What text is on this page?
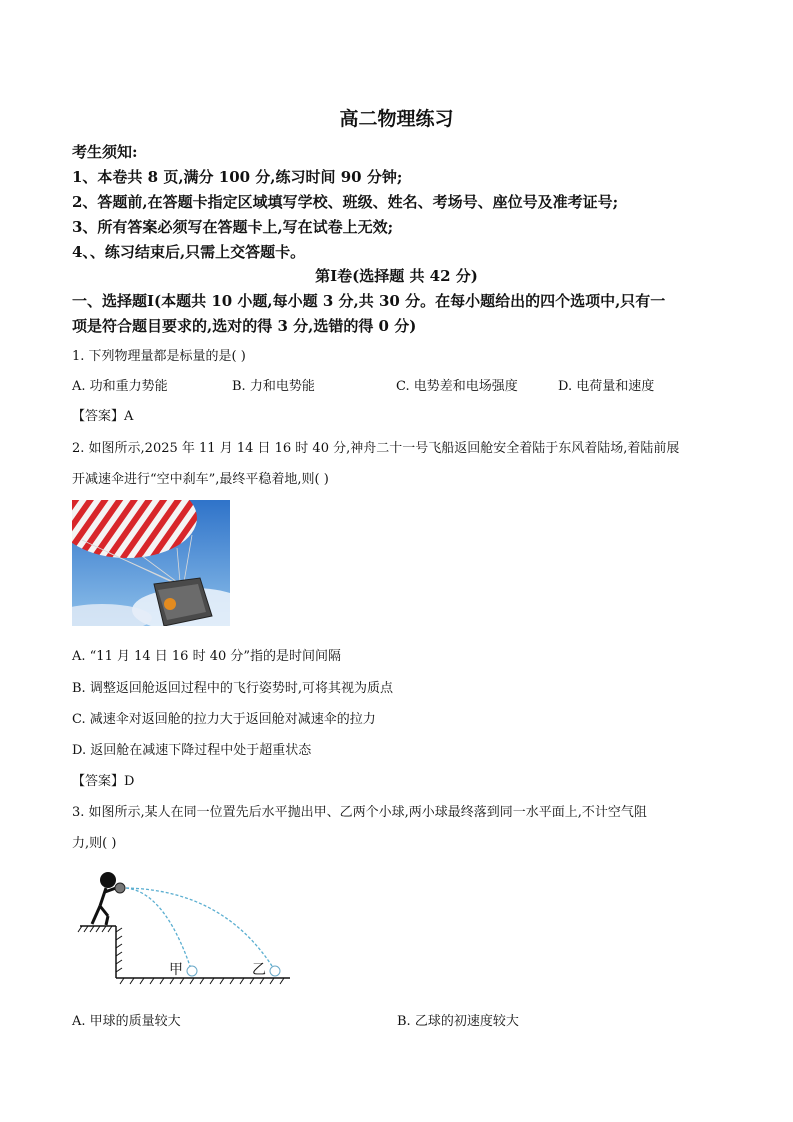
高二物理练习
考生须知:
1、本卷共 8 页,满分 100 分,练习时间 90 分钟;
2、答题前,在答题卡指定区域填写学校、班级、姓名、考场号、座位号及准考证号;
3、所有答案必须写在答题卡上,写在试卷上无效;
4、、练习结束后,只需上交答题卡。
第Ⅰ卷(选择题 共 42 分)
一、选择题Ⅰ(本题共 10 小题,每小题 3 分,共 30 分。在每小题给出的四个选项中,只有一
项是符合题目要求的,选对的得 3 分,选错的得 0 分)
1. 下列物理量都是标量的是( )
A. 功和重力势能	B. 力和电势能	C. 电势差和电场强度	D. 电荷量和速度
【答案】A
2. 如图所示,2025 年 11 月 14 日 16 时 40 分,神舟二十一号飞船返回舱安全着陆于东风着陆场,着陆前展
开减速伞进行“空中刹车”,最终平稳着地,则( )
A. “11 月 14 日 16 时 40 分”指的是时间间隔
B. 调整返回舱返回过程中的飞行姿势时,可将其视为质点
C. 减速伞对返回舱的拉力大于返回舱对减速伞的拉力
D. 返回舱在减速下降过程中处于超重状态
【答案】D
3. 如图所示,某人在同一位置先后水平抛出甲、乙两个小球,两小球最终落到同一水平面上,不计空气阻
力,则( )
甲	乙
A. 甲球的质量较大	B. 乙球的初速度较大
